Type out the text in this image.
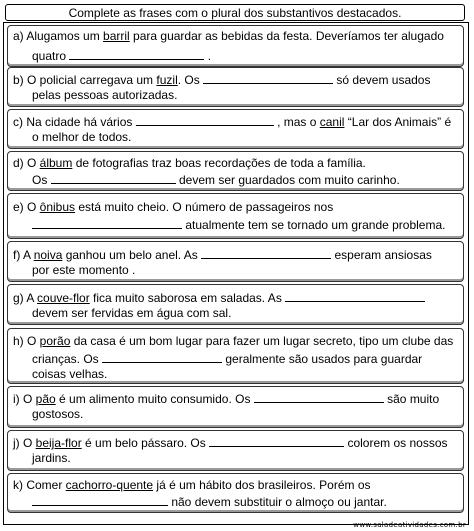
Complete as frases com o plural dos substantivos destacados.
a) Alugamos um barril para guardar as bebidas da festa. Deveríamos ter alugado
quatro	.
b) O policial carregava um fuzil. Os	só devem usados
pelas pessoas autorizadas.
c) Na cidade há vários	, mas o canil “Lar dos Animais” é
o melhor de todos.
d) O álbum de fotografias traz boas recordações de toda a família.
Os	devem ser guardados com muito carinho.
e) O ônibus está muito cheio. O número de passageiros nos
atualmente tem se tornado um grande problema.
f) A noiva ganhou um belo anel. As	esperam ansiosas
por este momento .
g) A couve-flor fica muito saborosa em saladas. As
devem ser fervidas em água com sal.
h) O porão da casa é um bom lugar para fazer um lugar secreto, tipo um clube das
crianças. Os	geralmente são usados para guardar
coisas velhas.
i) O pão é um alimento muito consumido. Os	são muito
gostosos.
j) O beija-flor é um belo pássaro. Os	colorem os nossos
jardins.
k) Comer cachorro-quente já é um hábito dos brasileiros. Porém os
não devem substituir o almoço ou jantar.
www.saladeatividades.com.br
